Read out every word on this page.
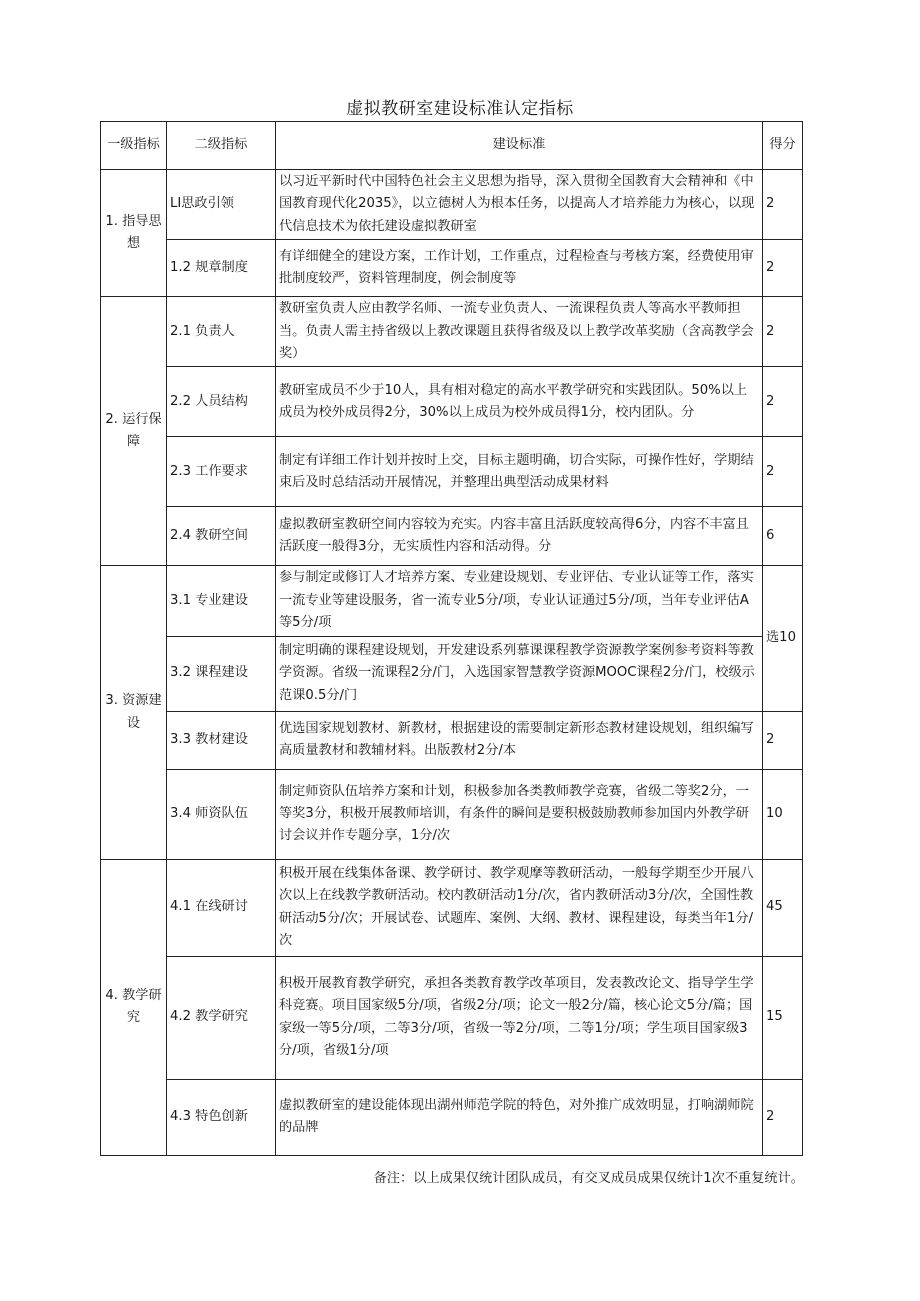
虚拟教研室建设标准认定指标
一级指标	二级指标	建设标准	得分
1. 指导思想	LI思政引领	以习近平新时代中国特色社会主义思想为指导，深入贯彻全国教育大会精神和《中国教育现代化2035》，以立德树人为根本任务，以提高人才培养能力为核心，以现代信息技术为依托建设虚拟教研室	2
	1.2 规章制度	有详细健全的建设方案，工作计划，工作重点，过程检查与考核方案，经费使用审批制度较严，资料管理制度，例会制度等	2
2. 运行保障	2.1 负责人	教研室负责人应由教学名师、一流专业负责人、一流课程负责人等高水平教师担当。负责人需主持省级以上教改课题且获得省级及以上教学改革奖励（含高教学会奖）	2
	2.2 人员结构	教研室成员不少于10人，具有相对稳定的高水平教学研究和实践团队。50%以上成员为校外成员得2分，30%以上成员为校外成员得1分，校内团队。分	2
	2.3 工作要求	制定有详细工作计划并按时上交，目标主题明确，切合实际，可操作性好，学期结束后及时总结活动开展情况，并整理出典型活动成果材料	2
	2.4 教研空间	虚拟教研室教研空间内容较为充实。内容丰富且活跃度较高得6分，内容不丰富且活跃度一般得3分，无实质性内容和活动得。分	6
3. 资源建设	3.1 专业建设	参与制定或修订人才培养方案、专业建设规划、专业评估、专业认证等工作，落实一流专业等建设服务，省一流专业5分/项，专业认证通过5分/项，当年专业评估A等5分/项	选10
	3.2 课程建设	制定明确的课程建设规划，开发建设系列慕课课程教学资源教学案例参考资料等教学资源。省级一流课程2分/门，入选国家智慧教学资源MOOC课程2分/门，校级示范课0.5分/门	
	3.3 教材建设	优选国家规划教材、新教材，根据建设的需要制定新形态教材建设规划，组织编写高质量教材和教辅材料。出版教材2分/本	2
	3.4 师资队伍	制定师资队伍培养方案和计划，积极参加各类教师教学竞赛，省级二等奖2分，一等奖3分，积极开展教师培训，有条件的瞬间是要积极鼓励教师参加国内外教学研讨会议并作专题分享，1分/次	10
4. 教学研究	4.1 在线研讨	积极开展在线集体备课、教学研讨、教学观摩等教研活动，一般每学期至少开展八次以上在线教学教研活动。校内教研活动1分/次，省内教研活动3分/次，全国性教研活动5分/次；开展试卷、试题库、案例、大纲、教材、课程建设，每类当年1分/次	45
	4.2 教学研究	积极开展教育教学研究，承担各类教育教学改革项目，发表教改论文、指导学生学科竞赛。项目国家级5分/项，省级2分/项；论文一般2分/篇，核心论文5分/篇；国家级一等5分/项，二等3分/项，省级一等2分/项，二等1分/项；学生项目国家级3分/项，省级1分/项	15
	4.3 特色创新	虚拟教研室的建设能体现出湖州师范学院的特色，对外推广成效明显，打响湖师院的品牌	2
备注：以上成果仅统计团队成员，有交叉成员成果仅统计1次不重复统计。
